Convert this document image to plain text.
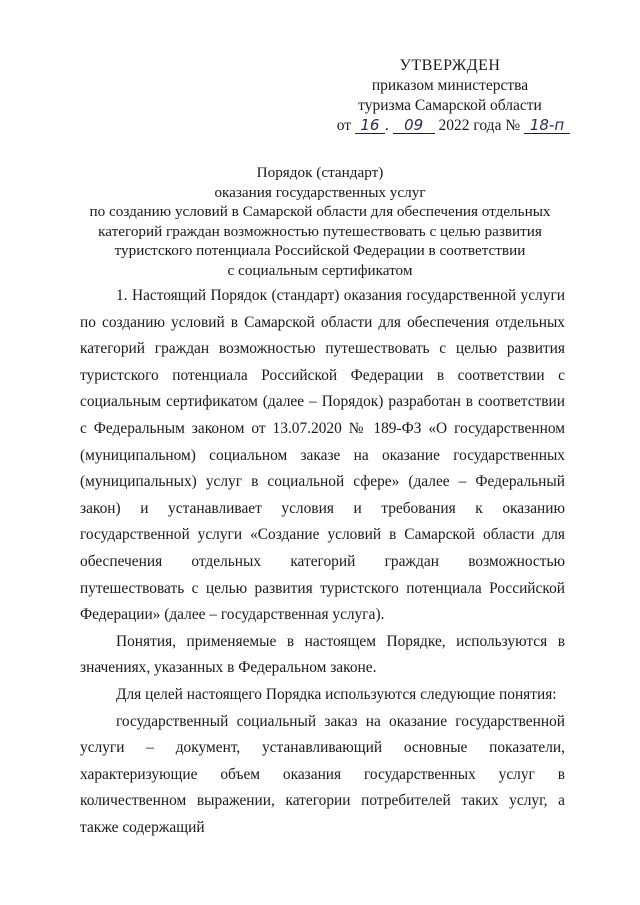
УТВЕРЖДЕН
приказом министерства
туризма Самарской области
от 16 . 09 2022 года № 18-п
Порядок (стандарт)
оказания государственных услуг
по созданию условий в Самарской области для обеспечения отдельных
категорий граждан возможностью путешествовать с целью развития
туристского потенциала Российской Федерации в соответствии
с социальным сертификатом

1. Настоящий Порядок (стандарт) оказания государственной услуги по созданию условий в Самарской области для обеспечения отдельных категорий граждан возможностью путешествовать с целью развития туристского потенциала Российской Федерации в соответствии с социальным сертификатом (далее – Порядок) разработан в соответствии с Федеральным законом от 13.07.2020 № 189-ФЗ «О государственном (муниципальном) социальном заказе на оказание государственных (муниципальных) услуг в социальной сфере» (далее – Федеральный закон) и устанавливает условия и требования к оказанию государственной услуги «Создание условий в Самарской области для обеспечения отдельных категорий граждан возможностью путешествовать с целью развития туристского потенциала Российской Федерации» (далее – государственная услуга).

Понятия, применяемые в настоящем Порядке, используются в значениях, указанных в Федеральном законе.

Для целей настоящего Порядка используются следующие понятия:

государственный социальный заказ на оказание государственной услуги – документ, устанавливающий основные показатели, характеризующие объем оказания государственных услуг в количественном выражении, категории потребителей таких услуг, а также содержащий
